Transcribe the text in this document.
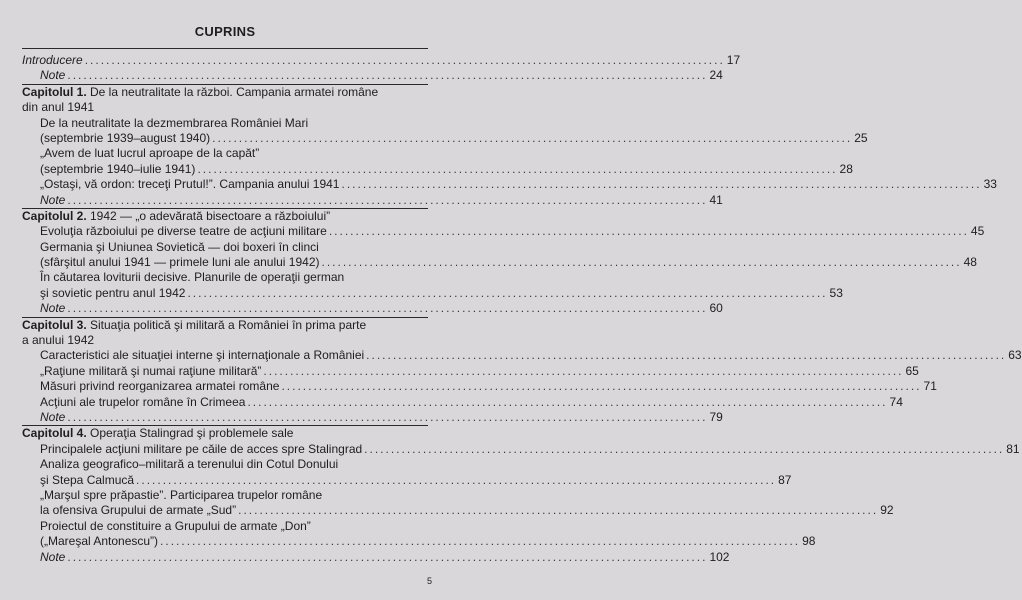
CUPRINS
Introducere ........................................................................................................................ 17
Note ........................................................................................................................ 24
Capitolul 1. De la neutralitate la război. Campania armatei române
din anul 1941
De la neutralitate la dezmembrarea României Mari
(septembrie 1939–august 1940) ........................................................................................................................ 25
„Avem de luat lucrul aproape de la capăt”
(septembrie 1940–iulie 1941) ........................................................................................................................ 28
„Ostaşi, vă ordon: treceţi Prutul!”. Campania anului 1941 ........................................................................................................................ 33
Note ........................................................................................................................ 41
Capitolul 2. 1942 — „o adevărată bisectoare a războiului”
Evoluţia războiului pe diverse teatre de acţiuni militare ........................................................................................................................ 45
Germania şi Uniunea Sovietică — doi boxeri în clinci
(sfârşitul anului 1941 — primele luni ale anului 1942) ........................................................................................................................ 48
În căutarea loviturii decisive. Planurile de operaţii german
şi sovietic pentru anul 1942 ........................................................................................................................ 53
Note ........................................................................................................................ 60
Capitolul 3. Situaţia politică şi militară a României în prima parte
a anului 1942
Caracteristici ale situaţiei interne şi internaţionale a României ........................................................................................................................ 63
„Raţiune militară şi numai raţiune militară” ........................................................................................................................ 65
Măsuri privind reorganizarea armatei române ........................................................................................................................ 71
Acţiuni ale trupelor române în Crimeea ........................................................................................................................ 74
Note ........................................................................................................................ 79
Capitolul 4. Operaţia Stalingrad şi problemele sale
Principalele acţiuni militare pe căile de acces spre Stalingrad ........................................................................................................................ 81
Analiza geografico–militară a terenului din Cotul Donului
şi Stepa Calmucă ........................................................................................................................ 87
„Marşul spre prăpastie”. Participarea trupelor române
la ofensiva Grupului de armate „Sud” ........................................................................................................................ 92
Proiectul de constituire a Grupului de armate „Don”
(„Mareşal Antonescu”) ........................................................................................................................ 98
Note ........................................................................................................................ 102
5
